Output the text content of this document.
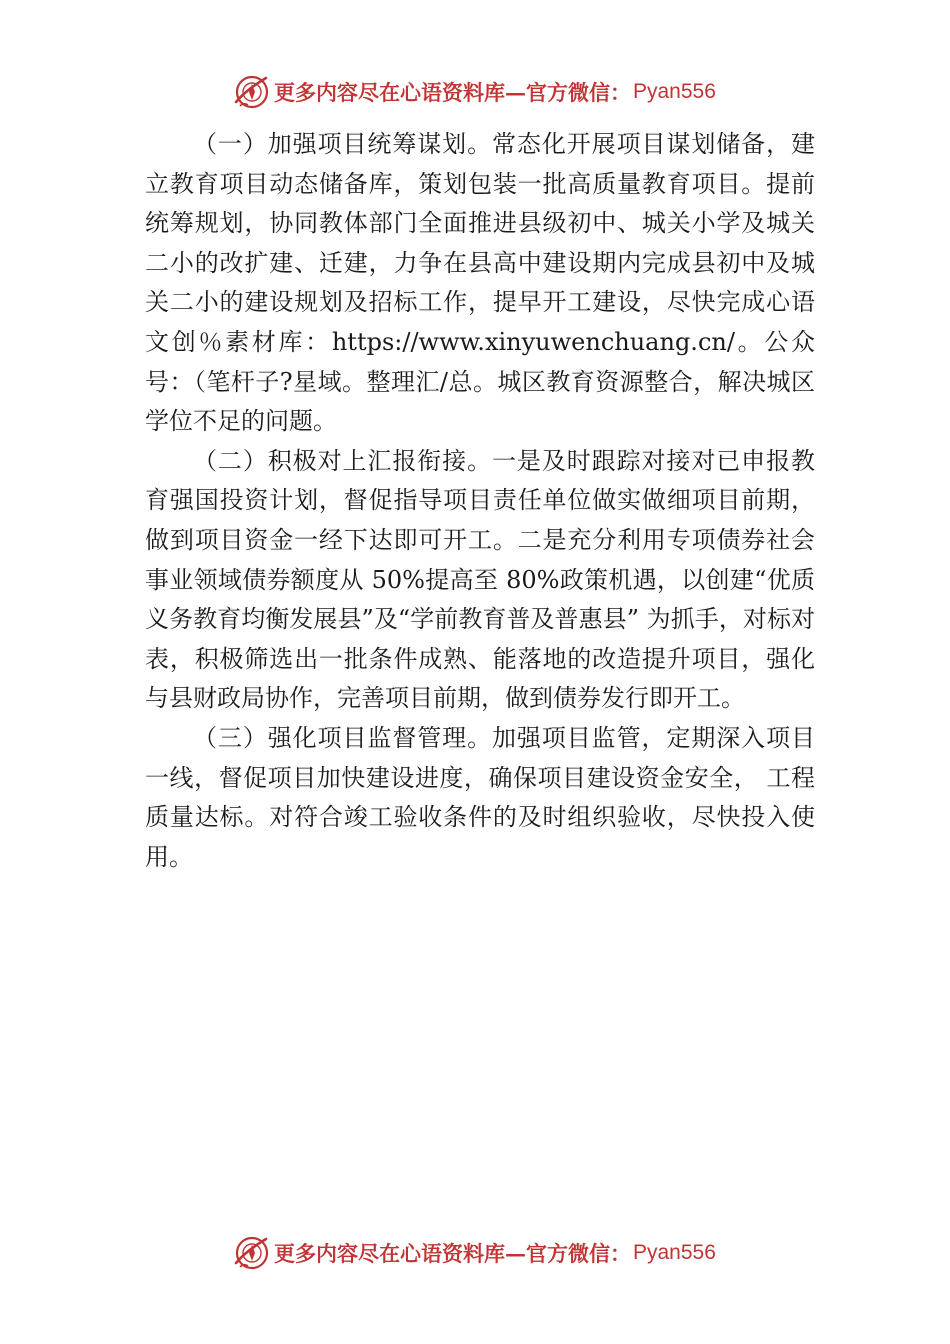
更多内容尽在心语资料库—官方微信： Pyan556

（一）加强项目统筹谋划。常态化开展项目谋划储备，建立教育项目动态储备库，策划包装一批高质量教育项目。提前统筹规划，协同教体部门全面推进县级初中、城关小学及城关二小的改扩建、迁建，力争在县高中建设期内完成县初中及城关二小的建设规划及招标工作，提早开工建设，尽快完成心语文创％素材库：https://www.xinyuwenchuang.cn/。公众号：（笔杆子?星域。整理汇/总。城区教育资源整合，解决城区学位不足的问题。

（二）积极对上汇报衔接。一是及时跟踪对接对已申报教育强国投资计划，督促指导项目责任单位做实做细项目前期，做到项目资金一经下达即可开工。二是充分利用专项债券社会事业领域债券额度从 50%提高至 80%政策机遇，以创建“优质义务教育均衡发展县”及“学前教育普及普惠县” 为抓手，对标对表，积极筛选出一批条件成熟、能落地的改造提升项目，强化与县财政局协作，完善项目前期，做到债券发行即开工。

（三）强化项目监督管理。加强项目监管，定期深入项目一线，督促项目加快建设进度，确保项目建设资金安全， 工程质量达标。对符合竣工验收条件的及时组织验收，尽快投入使用。

更多内容尽在心语资料库—官方微信： Pyan556
